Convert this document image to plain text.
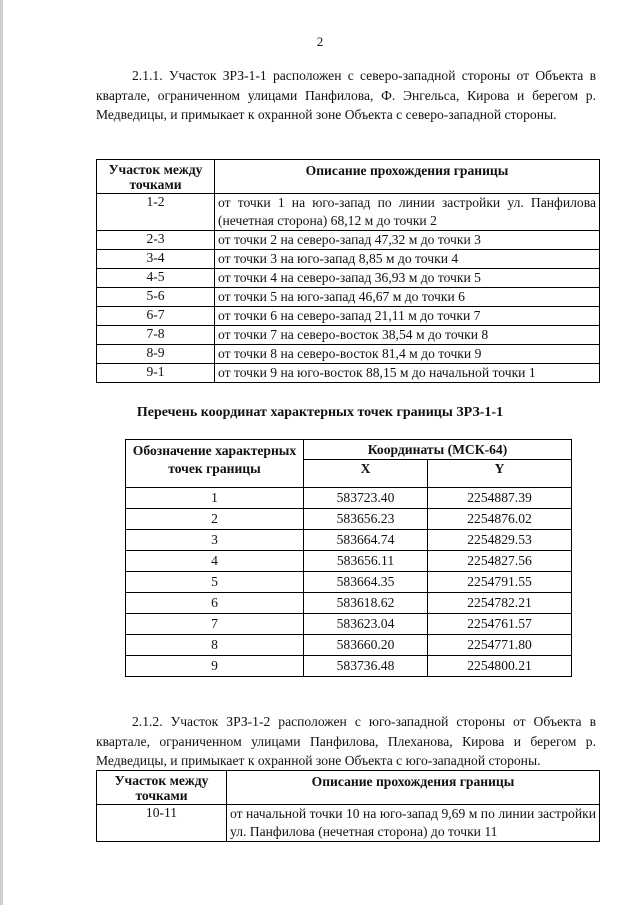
2

2.1.1. Участок ЗРЗ-1-1 расположен с северо-западной стороны от Объекта в квартале, ограниченном улицами Панфилова, Ф. Энгельса, Кирова и берегом р. Медведицы, и примыкает к охранной зоне Объекта с северо-западной стороны.

Участок между точками	Описание прохождения границы
1-2	от точки 1 на юго-запад по линии застройки ул. Панфилова (нечетная сторона) 68,12 м до точки 2
2-3	от точки 2 на северо-запад 47,32 м до точки 3
3-4	от точки 3 на юго-запад 8,85 м до точки 4
4-5	от точки 4 на северо-запад 36,93 м до точки 5
5-6	от точки 5 на юго-запад 46,67 м до точки 6
6-7	от точки 6 на северо-запад 21,11 м до точки 7
7-8	от точки 7 на северо-восток 38,54 м до точки 8
8-9	от точки 8 на северо-восток 81,4 м до точки 9
9-1	от точки 9 на юго-восток 88,15 м до начальной точки 1
Перечень координат характерных точек границы ЗРЗ-1-1
Обозначение характерных точек границы	Координаты (МСК-64)	
	X	Y
1	583723.40	2254887.39
2	583656.23	2254876.02
3	583664.74	2254829.53
4	583656.11	2254827.56
5	583664.35	2254791.55
6	583618.62	2254782.21
7	583623.04	2254761.57
8	583660.20	2254771.80
9	583736.48	2254800.21

2.1.2. Участок ЗРЗ-1-2 расположен с юго-западной стороны от Объекта в квартале, ограниченном улицами Панфилова, Плеханова, Кирова и берегом р. Медведицы, и примыкает к охранной зоне Объекта с юго-западной стороны.

Участок между точками	Описание прохождения границы
10-11	от начальной точки 10 на юго-запад 9,69 м по линии застройки ул. Панфилова (нечетная сторона) до точки 11
